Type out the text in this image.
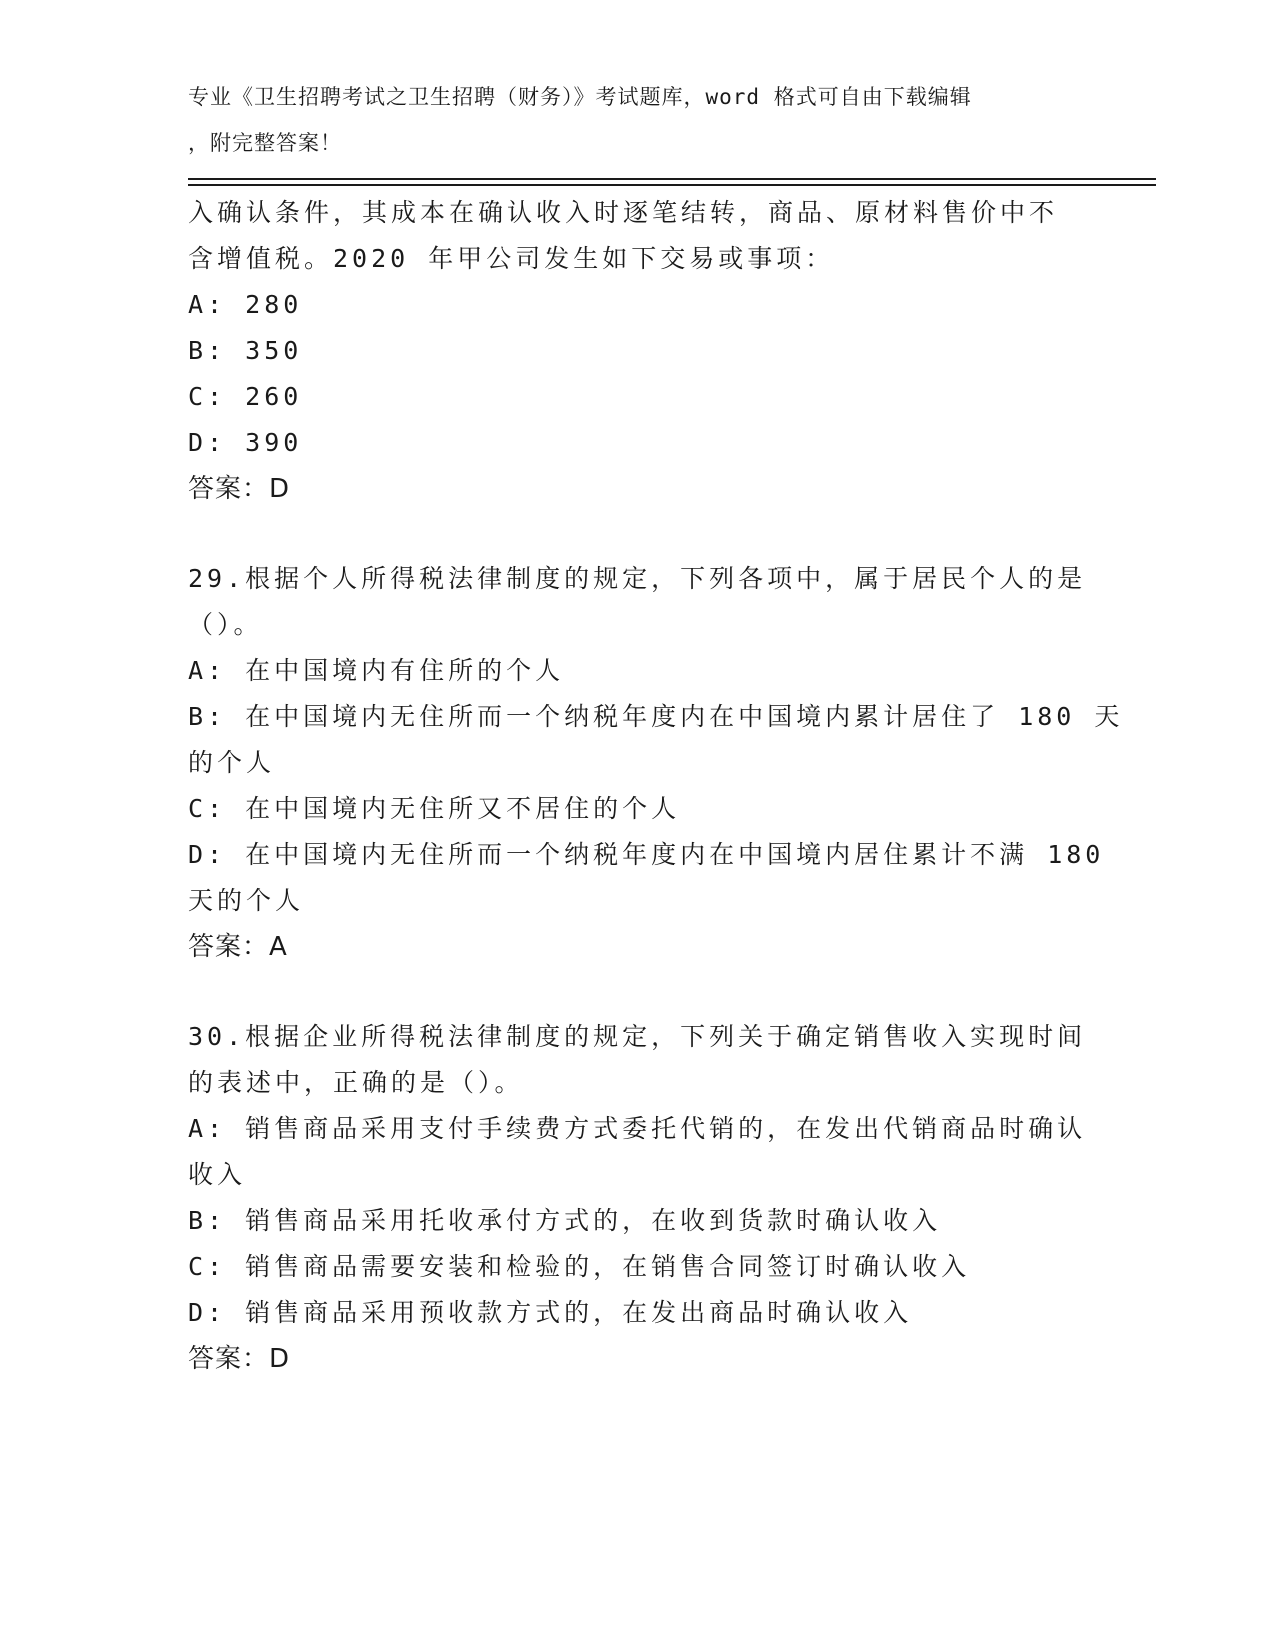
专业《卫生招聘考试之卫生招聘（财务）》考试题库，word 格式可自由下载编辑
，附完整答案！
入确认条件，其成本在确认收入时逐笔结转，商品、原材料售价中不
含增值税。2020 年甲公司发生如下交易或事项：
A: 280
B: 350
C: 260
D: 390
答案：D
29.根据个人所得税法律制度的规定，下列各项中，属于居民个人的是
（）。
A: 在中国境内有住所的个人
B: 在中国境内无住所而一个纳税年度内在中国境内累计居住了 180 天
的个人
C: 在中国境内无住所又不居住的个人
D: 在中国境内无住所而一个纳税年度内在中国境内居住累计不满 180
天的个人
答案：A
30.根据企业所得税法律制度的规定，下列关于确定销售收入实现时间
的表述中，正确的是（）。
A: 销售商品采用支付手续费方式委托代销的，在发出代销商品时确认
收入
B: 销售商品采用托收承付方式的，在收到货款时确认收入
C: 销售商品需要安装和检验的，在销售合同签订时确认收入
D: 销售商品采用预收款方式的，在发出商品时确认收入
答案：D
